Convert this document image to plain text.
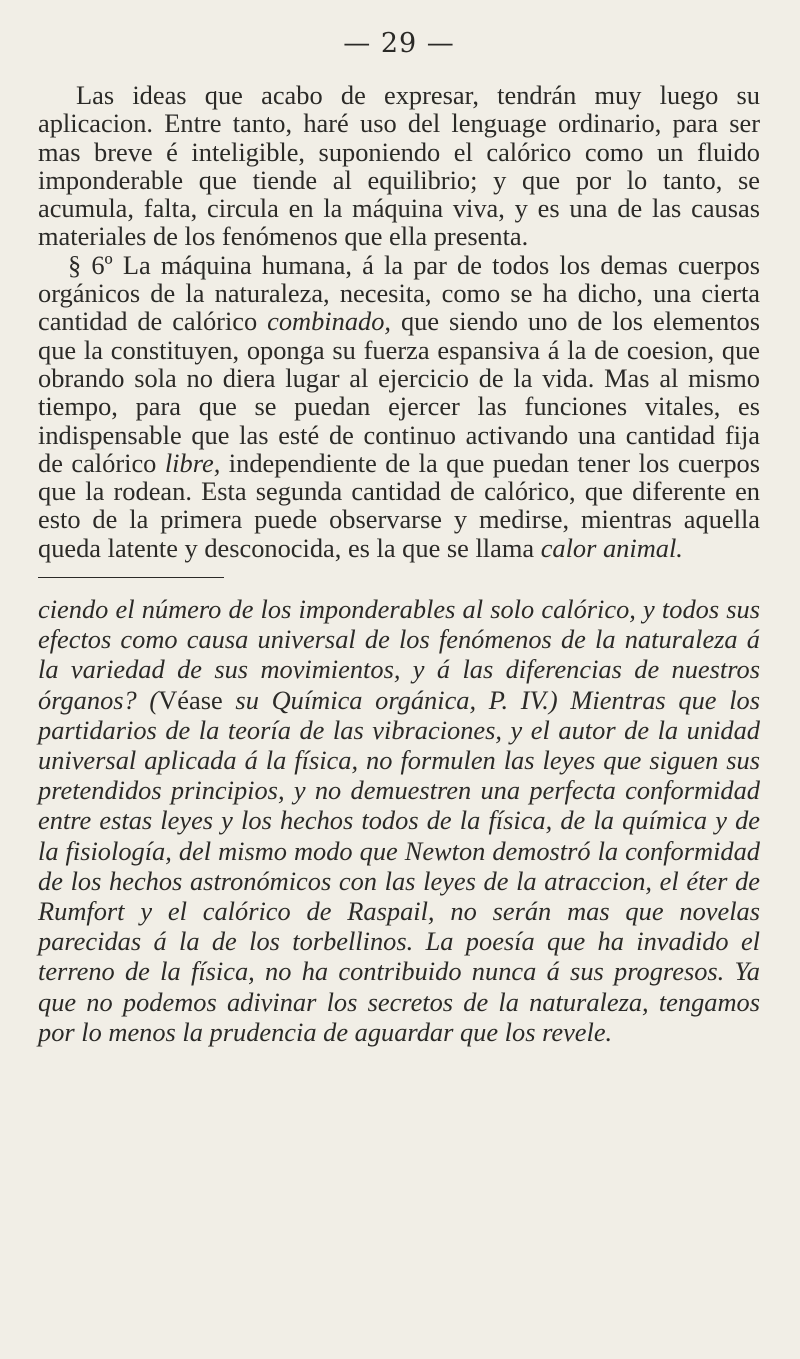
— 29 —

Las ideas que acabo de expresar, tendrán muy luego su aplicacion. Entre tanto, haré uso del lenguage ordinario, para ser mas breve é inteligible, suponiendo el calórico como un fluido imponderable que tiende al equilibrio; y que por lo tanto, se acumula, falta, circula en la máquina viva, y es una de las causas materiales de los fenómenos que ella presenta.

§ 6º La máquina humana, á la par de todos los demas cuerpos orgánicos de la naturaleza, necesita, como se ha dicho, una cierta cantidad de calórico combinado, que siendo uno de los elementos que la constituyen, oponga su fuerza espansiva á la de coesion, que obrando sola no diera lugar al ejercicio de la vida. Mas al mismo tiempo, para que se puedan ejercer las funciones vitales, es indispensable que las esté de continuo activando una cantidad fija de calórico libre, independiente de la que puedan tener los cuerpos que la rodean. Esta segunda cantidad de calórico, que diferente en esto de la primera puede observarse y medirse, mientras aquella queda latente y desconocida, es la que se llama calor animal.

ciendo el número de los imponderables al solo calórico, y todos sus efectos como causa universal de los fenómenos de la naturaleza á la variedad de sus movimientos, y á las diferencias de nuestros órganos? (Véase su Química orgánica, P. IV.) Mientras que los partidarios de la teoría de las vibraciones, y el autor de la unidad universal aplicada á la física, no formulen las leyes que siguen sus pretendidos principios, y no demuestren una perfecta conformidad entre estas leyes y los hechos todos de la física, de la química y de la fisiología, del mismo modo que Newton demostró la conformidad de los hechos astronómicos con las leyes de la atraccion, el éter de Rumfort y el calórico de Raspail, no serán mas que novelas parecidas á la de los torbellinos. La poesía que ha invadido el terreno de la física, no ha contribuido nunca á sus progresos. Ya que no podemos adivinar los secretos de la naturaleza, tengamos por lo menos la prudencia de aguardar que los revele.
